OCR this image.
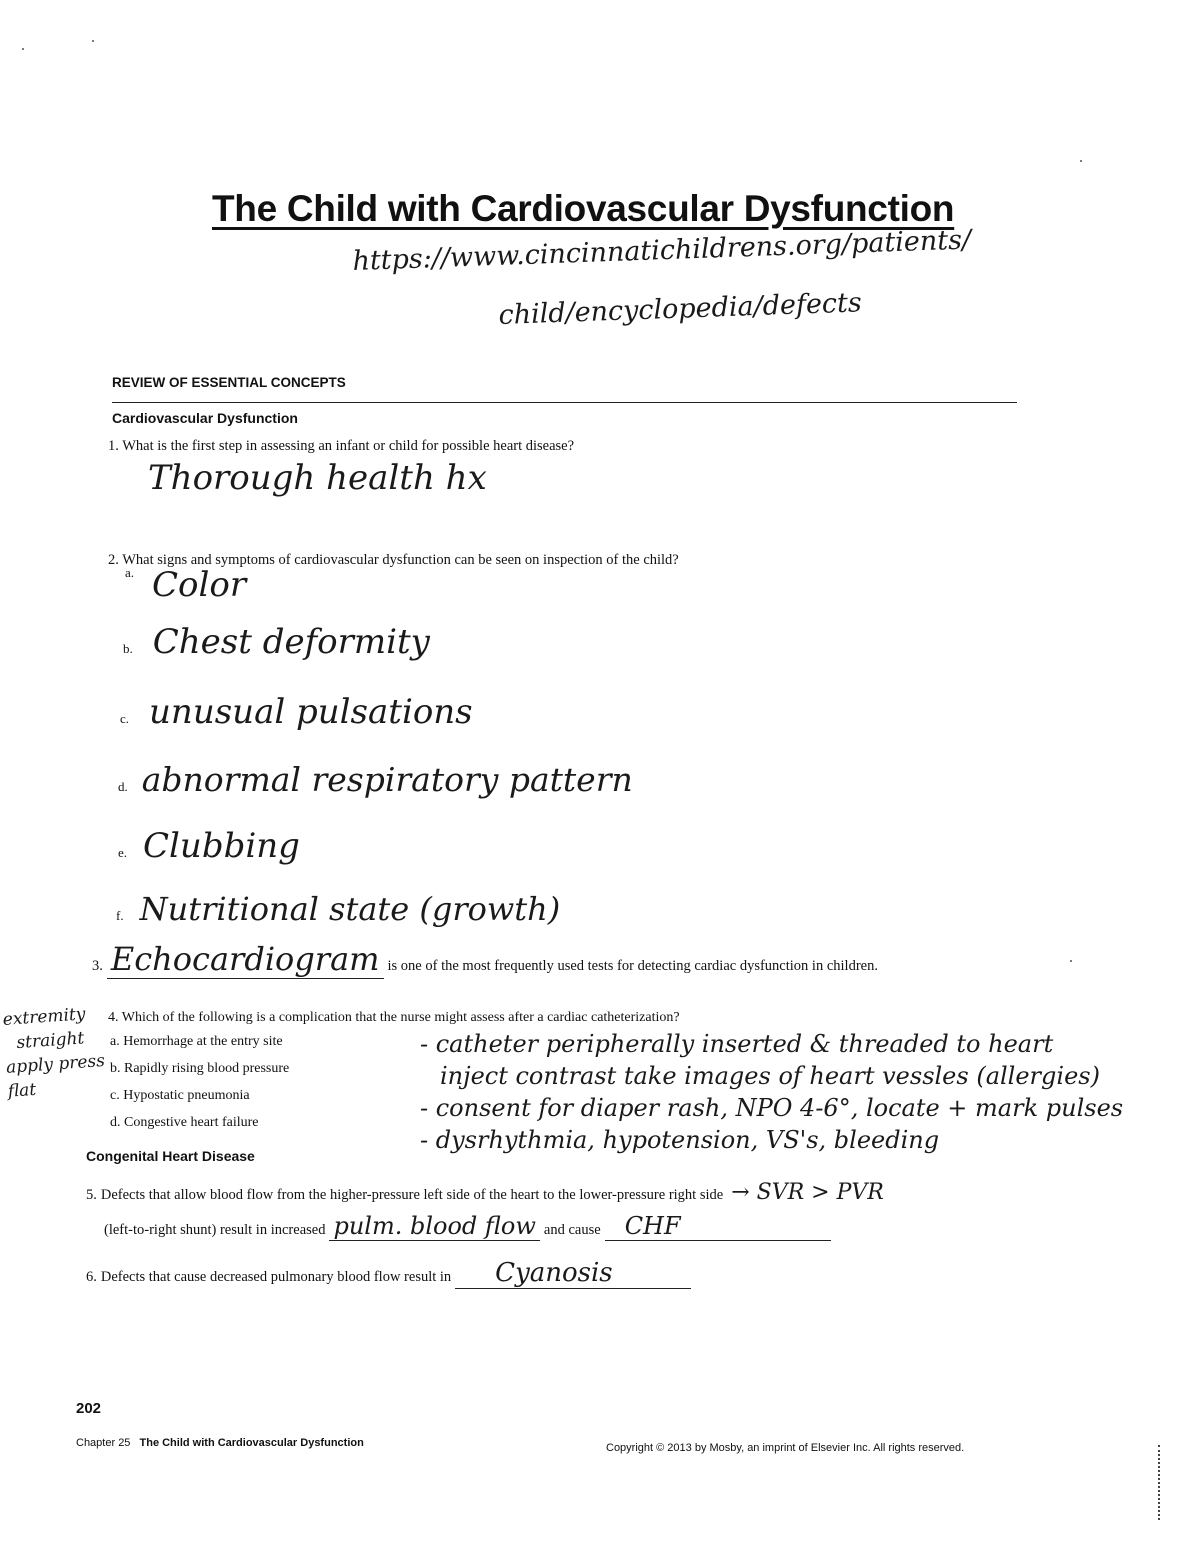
The Child with Cardiovascular Dysfunction
https://www.cincinnatichildrens.org/patients/
child/encyclopedia/defects
REVIEW OF ESSENTIAL CONCEPTS
Cardiovascular Dysfunction
1. What is the first step in assessing an infant or child for possible heart disease?
Thorough health hx
2. What signs and symptoms of cardiovascular dysfunction can be seen on inspection of the child?
$^{a.}$ Color
b. Chest deformity
c. unusual pulsations
d. abnormal respiratory pattern
e. Clubbing
f. Nutritional state (growth)
3. Echocardiogram is one of the most frequently used tests for detecting cardiac dysfunction in children.
extremity
straight
apply press
flat
4. Which of the following is a complication that the nurse might assess after a cardiac catheterization?
a. Hemorrhage at the entry site
b. Rapidly rising blood pressure
c. Hypostatic pneumonia
d. Congestive heart failure
- catheter peripherally inserted & threaded to heart
inject contrast take images of heart vessles (allergies)
- consent for diaper rash, NPO 4-6°, locate + mark pulses
- dysrhythmia, hypotension, VS's, bleeding
Congenital Heart Disease
5. Defects that allow blood flow from the higher-pressure left side of the heart to the lower-pressure right side → SVR > PVR
(left-to-right shunt) result in increased pulm. blood flow and cause CHF
6. Defects that cause decreased pulmonary blood flow result in Cyanosis
202
Chapter 25 The Child with Cardiovascular Dysfunction	Copyright © 2013 by Mosby, an imprint of Elsevier Inc. All rights reserved.
